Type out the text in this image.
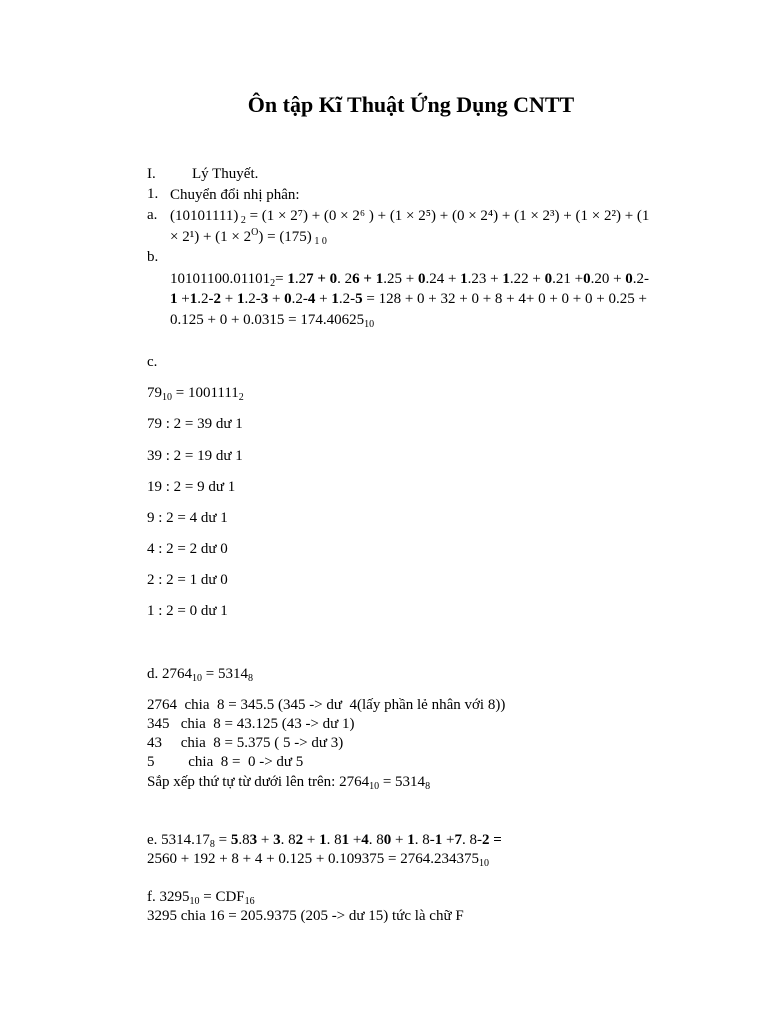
Ôn tập Kĩ Thuật Ứng Dụng CNTT
I. Lý Thuyết.
1. Chuyển đổi nhị phân:
a. (10101111) $_2$ = (1 × 2⁷) + (0 × 2⁶ ) + (1 × 2⁵) + (0 × 2⁴) + (1 × 2³) + (1 × 2²) + (1
× $2^1) + (1 \times 2^O) = (175)$ $_{1 0}$
b.
$10101100.01101_2= 1.27 + 0$. 26 + 1.25 + 0.24 + 1.23 + 1.22 + 0.21 +0.20 + 0.2-
1 +1.2-2 + 1.2-3 + 0.2-4 + 1.2-5 = 128 + 0 + 32 + 0 + 8 + 4+ 0 + 0 + 0 + 0.25 +
$0.125 + 0 + 0.0315 = 174.40625_{10}$
c.
$79_{10} = 1001111_2$
79 : 2 = 39 dư 1
39 : 2 = 19 dư 1
19 : 2 = 9 dư 1
9 : 2 = 4 dư 1
4 : 2 = 2 dư 0
2 : 2 = 1 dư 0
1 : 2 = 0 dư 1
d. $2764_{10} = 5314_8$
2764  chia  8 = 345.5 (345 -> dư  4(lấy phần lẻ nhân với 8))
345   chia  8 = 43.125 (43 -> dư 1)
43     chia  8 = 5.375 ( 5 -> dư 3)
5         chia  8 =  0 -> dư 5
Sắp xếp thứ tự từ dưới lên trên: $2764_{10} = 5314_8$
e. $5314.17_8 = 5.83 + 3$. 82 + 1. 81 +4. 80 + 1. 8-1 +7. 8-2 =
$2560 + 192 + 8 + 4 + 0.125 + 0.109375 = 2764.234375_{10}$
f. $3295_{10} = CDF_{16}$
3295 chia 16 = 205.9375 (205 -> dư 15) tức là chữ F
